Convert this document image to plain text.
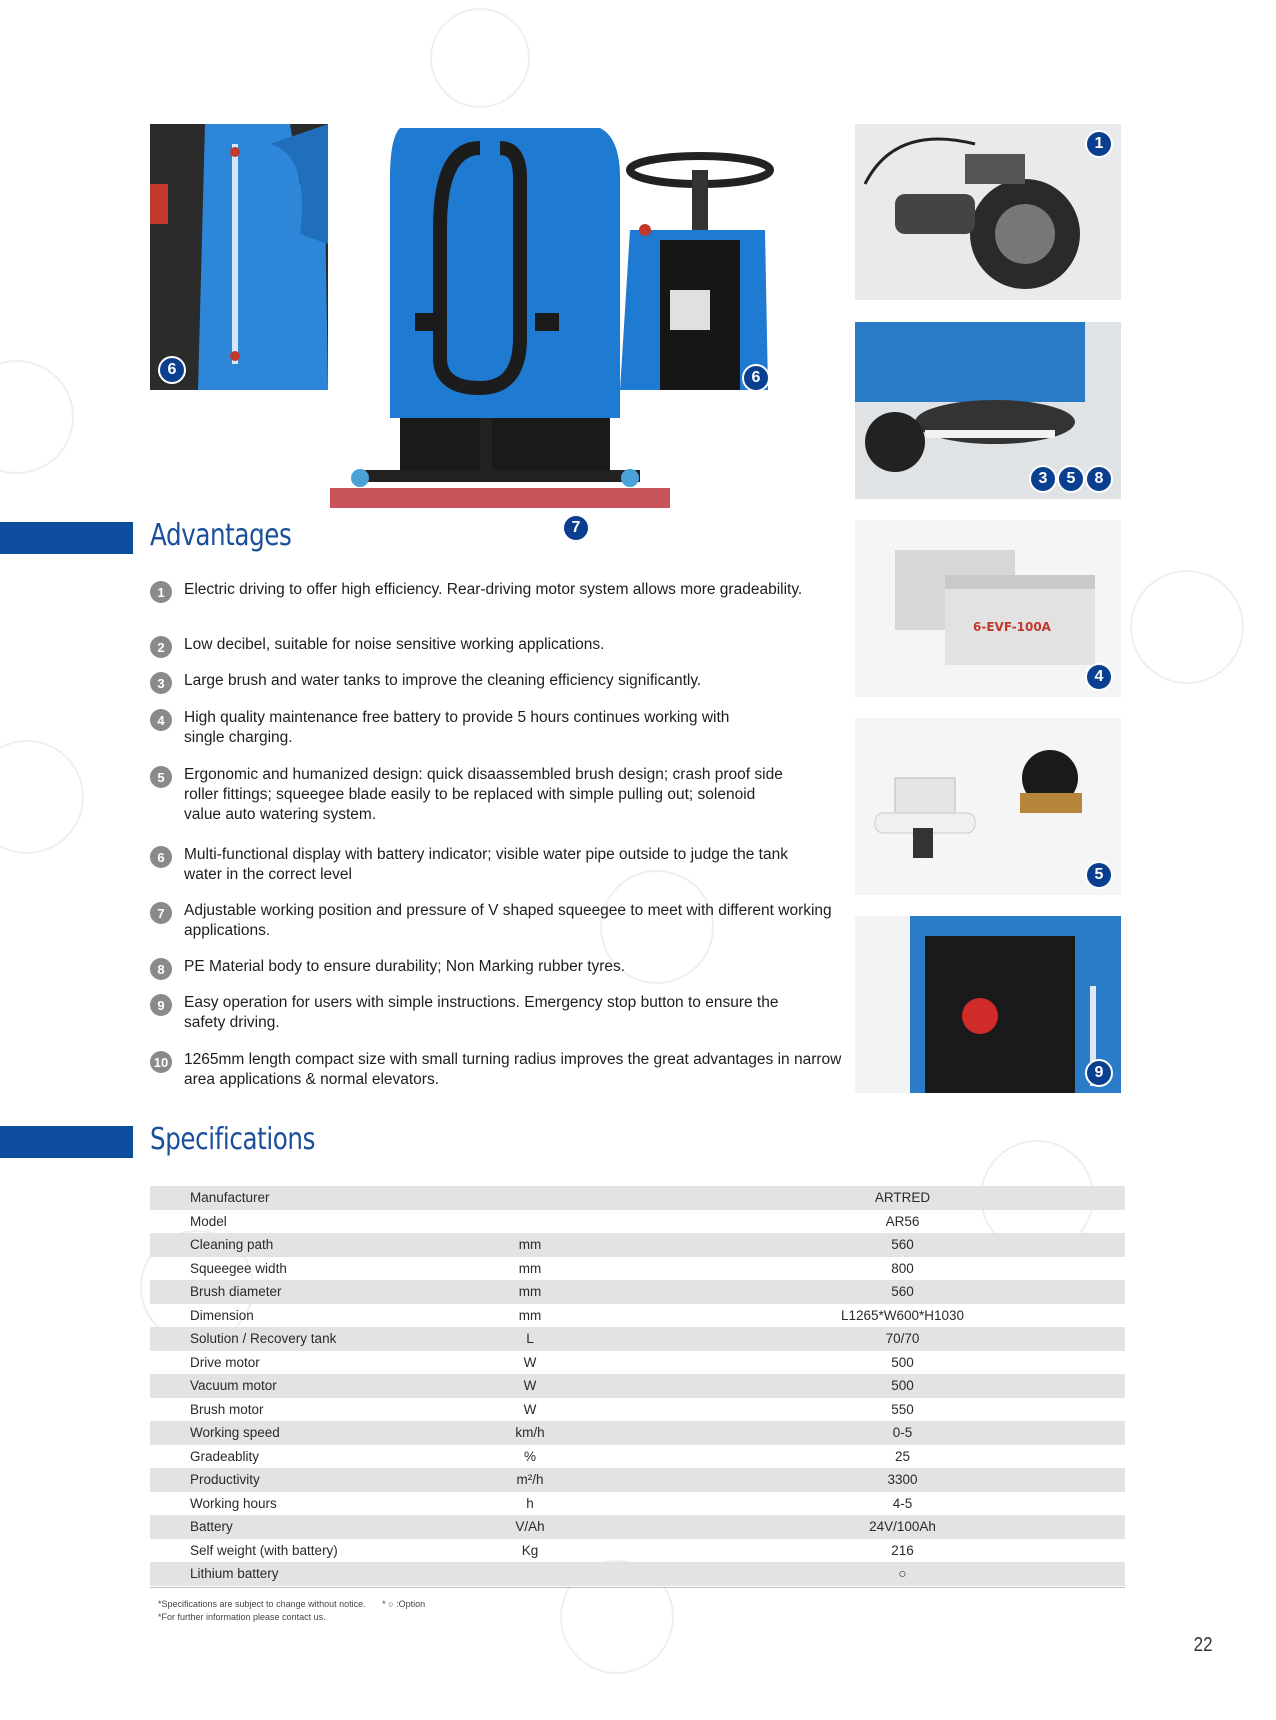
6
7
6
1
3	5	8
6-EVF-100A
4
5
9
Advantages
1	Electric driving to offer high efficiency. Rear-driving motor system allows more gradeability.
2	Low decibel, suitable for noise sensitive working applications.
3	Large brush and water tanks to improve the cleaning efficiency significantly.
4	High quality maintenance free battery to provide 5 hours continues working with single charging.
5	Ergonomic and humanized design: quick disaassembled brush design; crash proof side roller fittings; squeegee blade easily to be replaced with simple pulling out; solenoid value auto watering system.
6	Multi-functional display with battery indicator; visible water pipe outside to judge the tank water in the correct level
7	Adjustable working position and pressure of V shaped squeegee to meet with different working applications.
8	PE Material body to ensure durability; Non Marking rubber tyres.
9	Easy operation for users with simple instructions. Emergency stop button to ensure the safety driving.
10 1265mm length compact size with small turning radius improves the great advantages in narrow area applications & normal elevators.
Specifications
Manufacturer		ARTRED
Model		AR56
Cleaning path	mm	560
Squeegee width	mm	800
Brush diameter	mm	560
Dimension	mm	L1265*W600*H1030
Solution / Recovery tank	L	70/70
Drive motor	W	500
Vacuum motor	W	500
Brush motor	W	550
Working speed	km/h	0-5
Gradeablity	%	25
Productivity	m²/h	3300
Working hours	h	4-5
Battery	V/Ah	24V/100Ah
Self weight (with battery)	Kg	216
Lithium battery		○
*Specifications are subject to change without notice. * ○ :Option
*For further information please contact us.
22
